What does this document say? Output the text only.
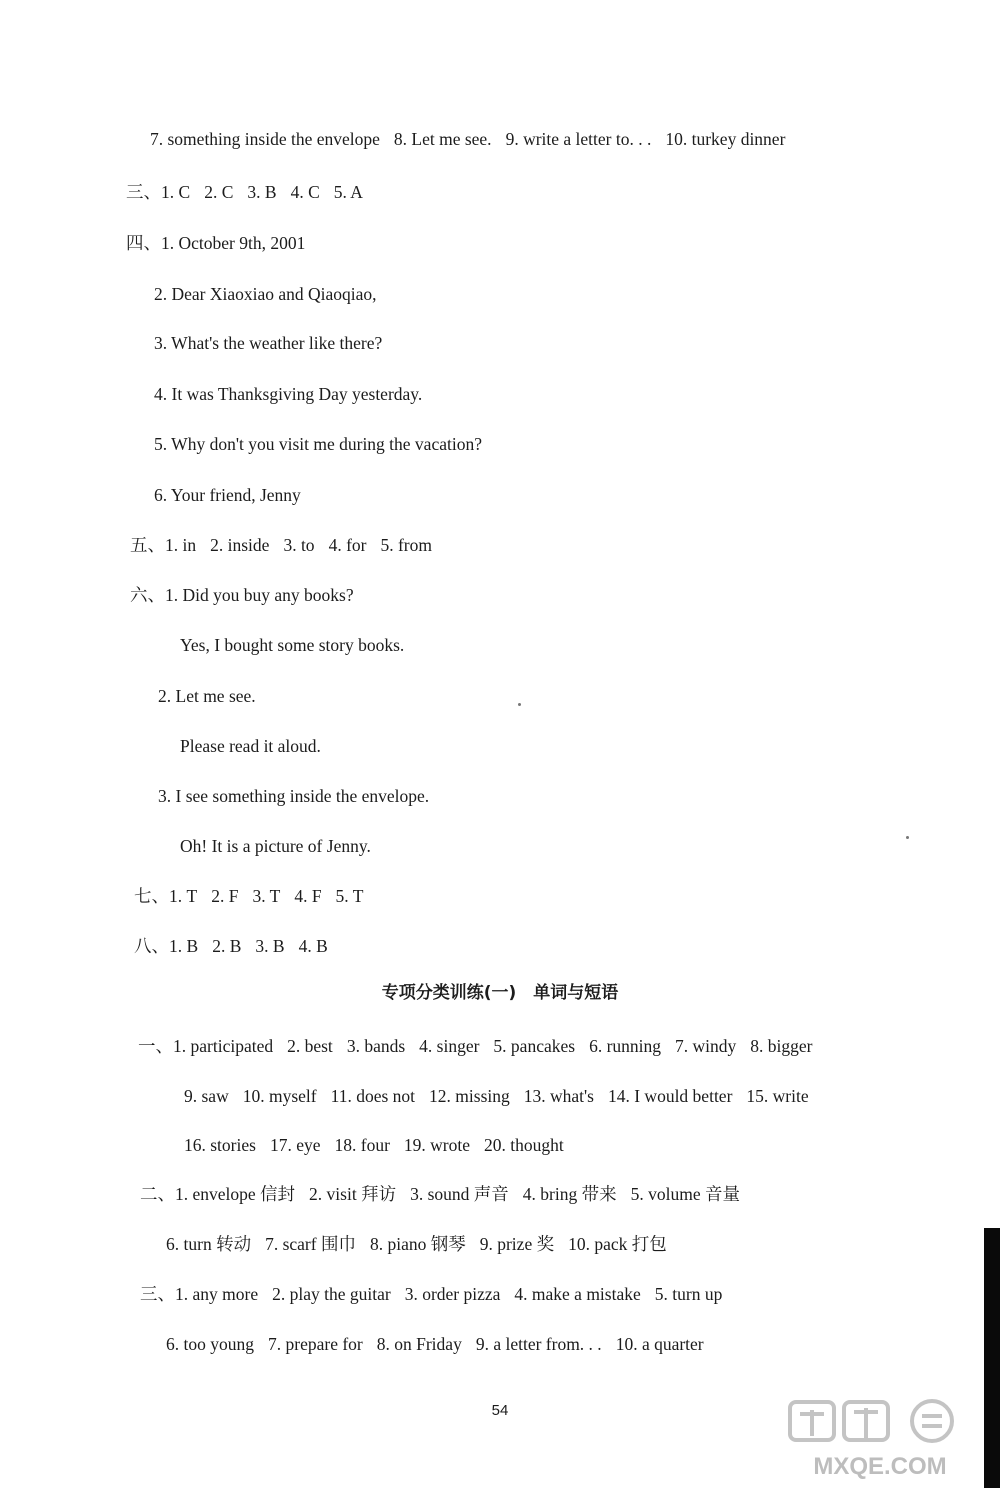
7. something inside the envelope 8. Let me see. 9. write a letter to. . . 10. turkey dinner
三、1. C 2. C 3. B 4. C 5. A
四、1. October 9th, 2001
2. Dear Xiaoxiao and Qiaoqiao,
3. What's the weather like there?
4. It was Thanksgiving Day yesterday.
5. Why don't you visit me during the vacation?
6. Your friend, Jenny
五、1. in 2. inside 3. to 4. for 5. from
六、1. Did you buy any books?
Yes, I bought some story books.
2. Let me see.
Please read it aloud.
3. I see something inside the envelope.
Oh! It is a picture of Jenny.
七、1. T 2. F 3. T 4. F 5. T
八、1. B 2. B 3. B 4. B
专项分类训练(一)　单词与短语
一、1. participated 2. best 3. bands 4. singer 5. pancakes 6. running 7. windy 8. bigger
9. saw 10. myself 11. does not 12. missing 13. what's 14. I would better 15. write
16. stories 17. eye 18. four 19. wrote 20. thought
二、1. envelope 信封 2. visit 拜访 3. sound 声音 4. bring 带来 5. volume 音量
6. turn 转动 7. scarf 围巾 8. piano 钢琴 9. prize 奖 10. pack 打包
三、1. any more 2. play the guitar 3. order pizza 4. make a mistake 5. turn up
6. too young 7. prepare for 8. on Friday 9. a letter from. . . 10. a quarter
54
MXQE.COM
